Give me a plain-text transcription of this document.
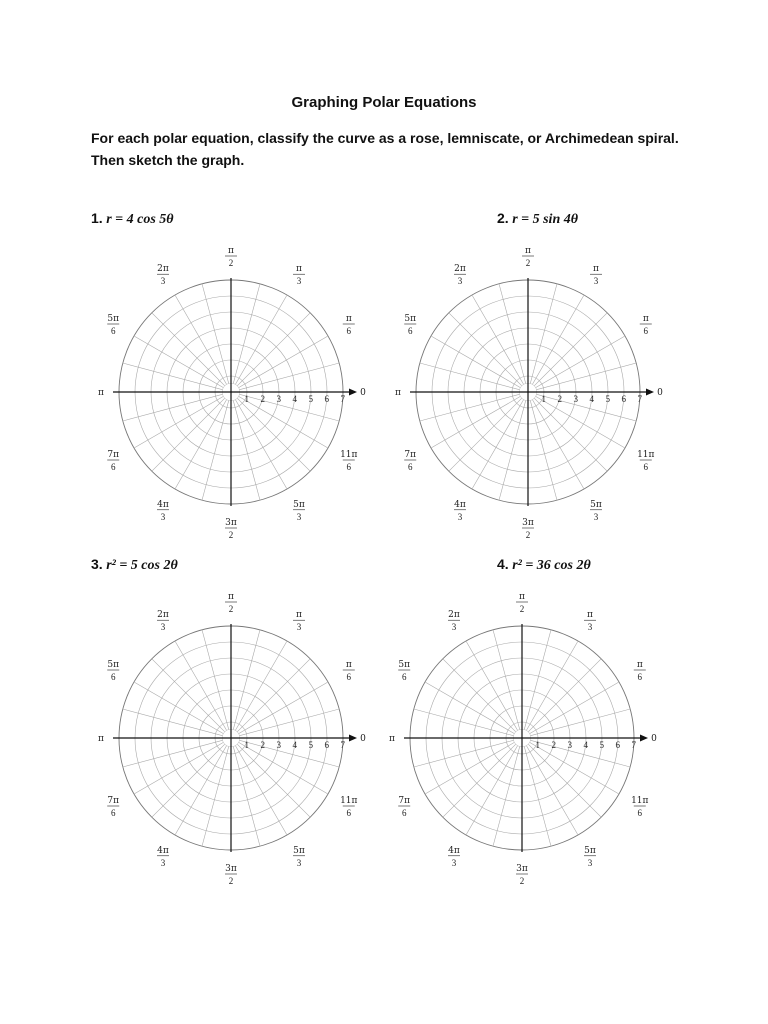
Graphing Polar Equations
For each polar equation, classify the curve as a rose, lemniscate, or Archimedean spiral. Then sketch the graph.
1. r = 4 cos 5θ	2. r = 5 sin 4θ
3. r² = 5 cos 2θ	4. r² = 36 cos 2θ
1 2 3 4 5 6 7
0
π
3
π
2
2π
3
5π
6
π
7π
6
4π
3
3π
2
5π
3
11π
6
π
6
1 2 3 4 5 6 7
0
π
3
π
2
2π
3
5π
6
π
7π
6
4π
3
3π
2
5π
3
11π
6
π
6
1 2 3 4 5 6 7
0
π
3
π
2
2π
3
5π
6
π
7π
6
4π
3
3π
2
5π
3
11π
6
π
6
1 2 3 4 5 6 7
0
π
3
π
2
2π
3
5π
6
π
7π
6
4π
3
3π
2
5π
3
11π
6
π
6
